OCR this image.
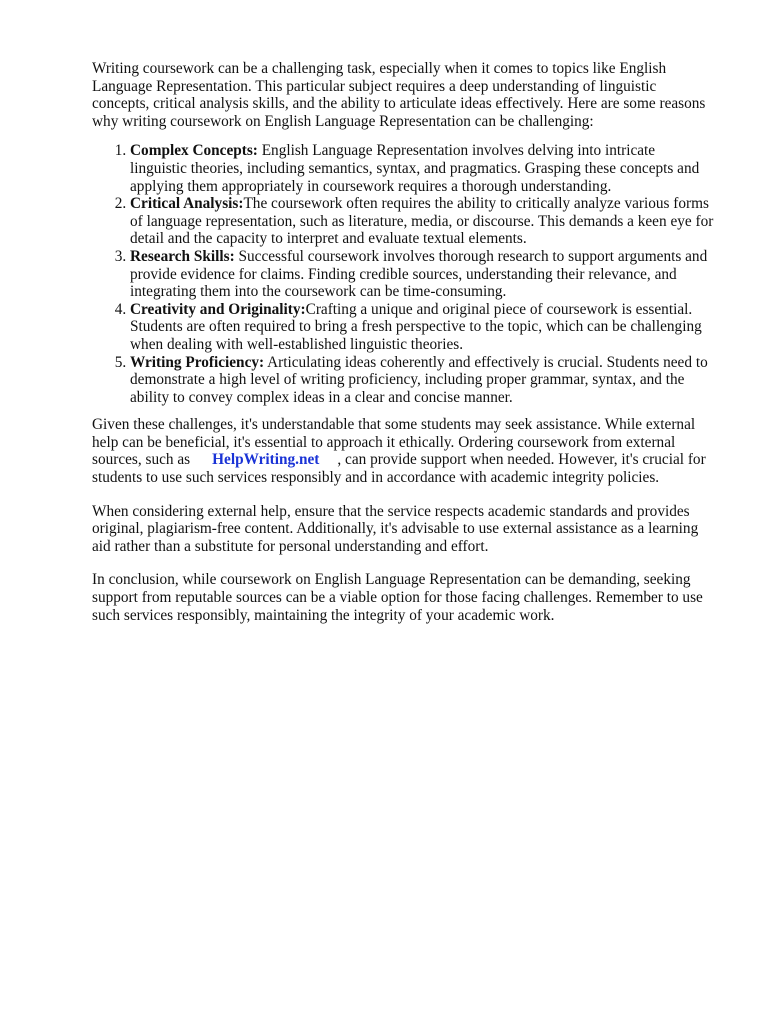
Writing coursework can be a challenging task, especially when it comes to topics like English Language Representation. This particular subject requires a deep understanding of linguistic concepts, critical analysis skills, and the ability to articulate ideas effectively. Here are some reasons why writing coursework on English Language Representation can be challenging:

1. Complex Concepts: English Language Representation involves delving into intricate linguistic theories, including semantics, syntax, and pragmatics. Grasping these concepts and applying them appropriately in coursework requires a thorough understanding.
2. Critical Analysis:The coursework often requires the ability to critically analyze various forms of language representation, such as literature, media, or discourse. This demands a keen eye for detail and the capacity to interpret and evaluate textual elements.
3. Research Skills: Successful coursework involves thorough research to support arguments and provide evidence for claims. Finding credible sources, understanding their relevance, and integrating them into the coursework can be time-consuming.
4. Creativity and Originality:Crafting a unique and original piece of coursework is essential. Students are often required to bring a fresh perspective to the topic, which can be challenging when dealing with well-established linguistic theories.
5. Writing Proficiency: Articulating ideas coherently and effectively is crucial. Students need to demonstrate a high level of writing proficiency, including proper grammar, syntax, and the ability to convey complex ideas in a clear and concise manner.

Given these challenges, it's understandable that some students may seek assistance. While external help can be beneficial, it's essential to approach it ethically. Ordering coursework from external sources, such as HelpWriting.net , can provide support when needed. However, it's crucial for students to use such services responsibly and in accordance with academic integrity policies.

When considering external help, ensure that the service respects academic standards and provides original, plagiarism-free content. Additionally, it's advisable to use external assistance as a learning aid rather than a substitute for personal understanding and effort.

In conclusion, while coursework on English Language Representation can be demanding, seeking support from reputable sources can be a viable option for those facing challenges. Remember to use such services responsibly, maintaining the integrity of your academic work.
